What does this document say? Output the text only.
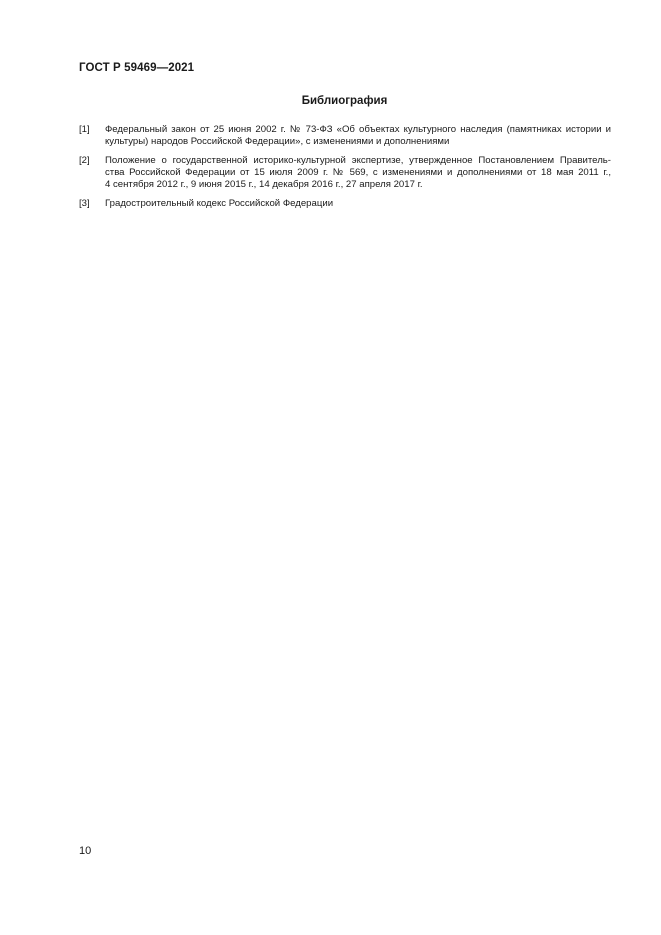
ГОСТ Р 59469—2021
Библиография
[1]	Федеральный закон от 25 июня 2002 г. № 73-ФЗ «Об объектах культурного наследия (памятниках истории и
культуры) народов Российской Федерации», с изменениями и дополнениями
[2]	Положение о государственной историко-культурной экспертизе, утвержденное Постановлением Правитель-
ства Российской Федерации от 15 июля 2009 г. № 569, с изменениями и дополнениями от 18 мая 2011 г.,
4 сентября 2012 г., 9 июня 2015 г., 14 декабря 2016 г., 27 апреля 2017 г.
[3]	Градостроительный кодекс Российской Федерации
10
